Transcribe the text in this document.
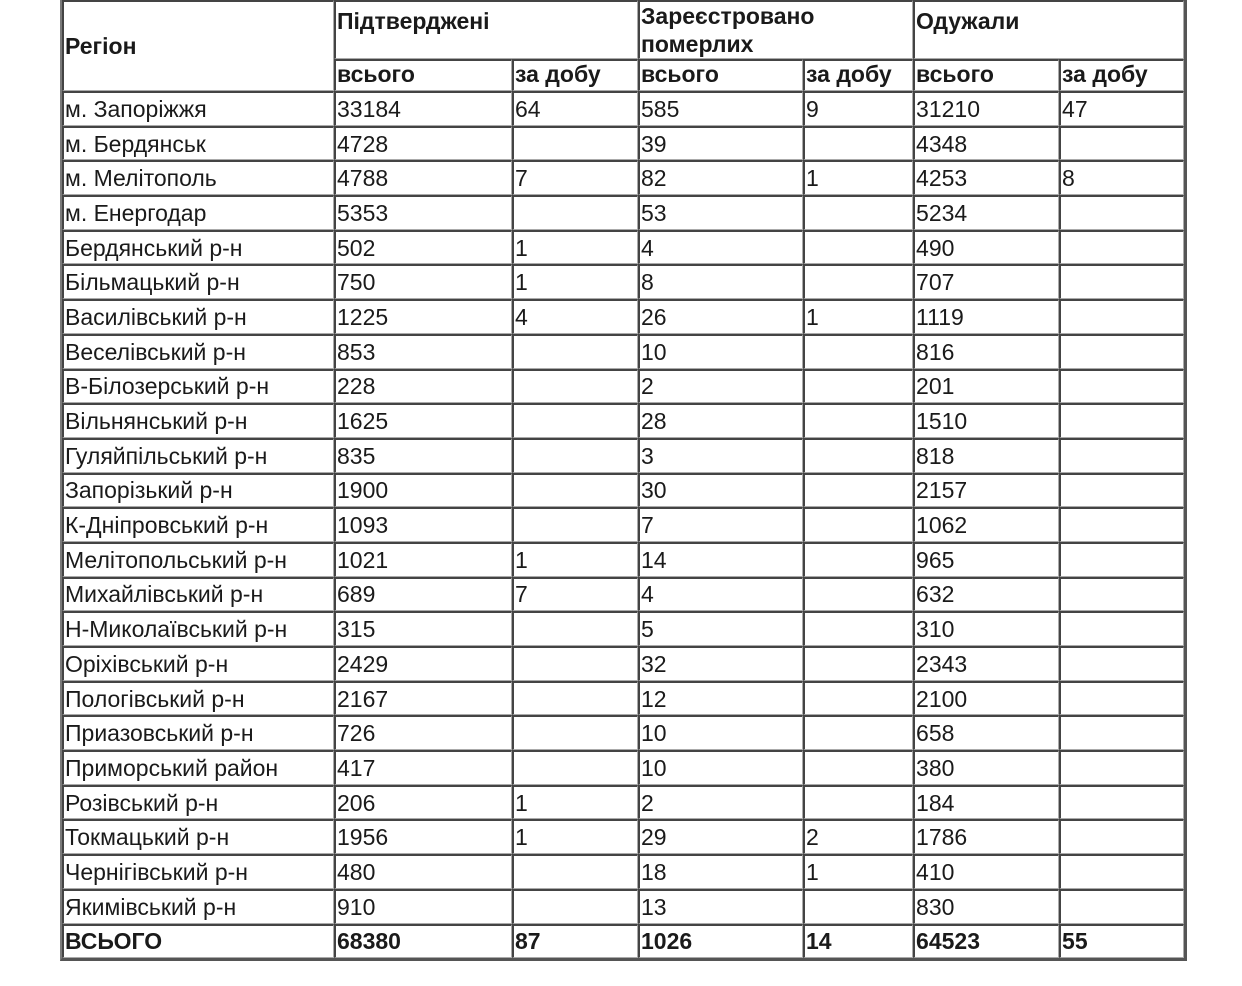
Регіон	Підтверджені		Зареєстровано померлих		Одужали	

	всього	за добу	всього	за добу	всього	за добу
м. Запоріжжя	33184	64	585	9	31210	47
м. Бердянськ	4728		39		4348	
м. Мелітополь	4788	7	82	1	4253	8
м. Енергодар	5353		53		5234	
Бердянський р-н	502	1	4		490	
Більмацький р-н	750	1	8		707	
Василівський р-н	1225	4	26	1	1119	
Веселівський р-н	853		10		816	
В-Білозерський р-н	228		2		201	
Вільнянський р-н	1625		28		1510	
Гуляйпільський р-н	835		3		818	
Запорізький р-н	1900		30		2157	
К-Дніпровський р-н	1093		7		1062	
Мелітопольський р-н	1021	1	14		965	
Михайлівський р-н	689	7	4		632	
Н-Миколаївський р-н	315		5		310	
Оріхівський р-н	2429		32		2343	
Пологівський р-н	2167		12		2100	
Приазовський р-н	726		10		658	
Приморський район	417		10		380	
Розівський р-н	206	1	2		184	
Токмацький р-н	1956	1	29	2	1786	
Чернігівський р-н	480		18	1	410	
Якимівський р-н	910		13		830	
ВСЬОГО	68380	87	1026	14	64523	55
